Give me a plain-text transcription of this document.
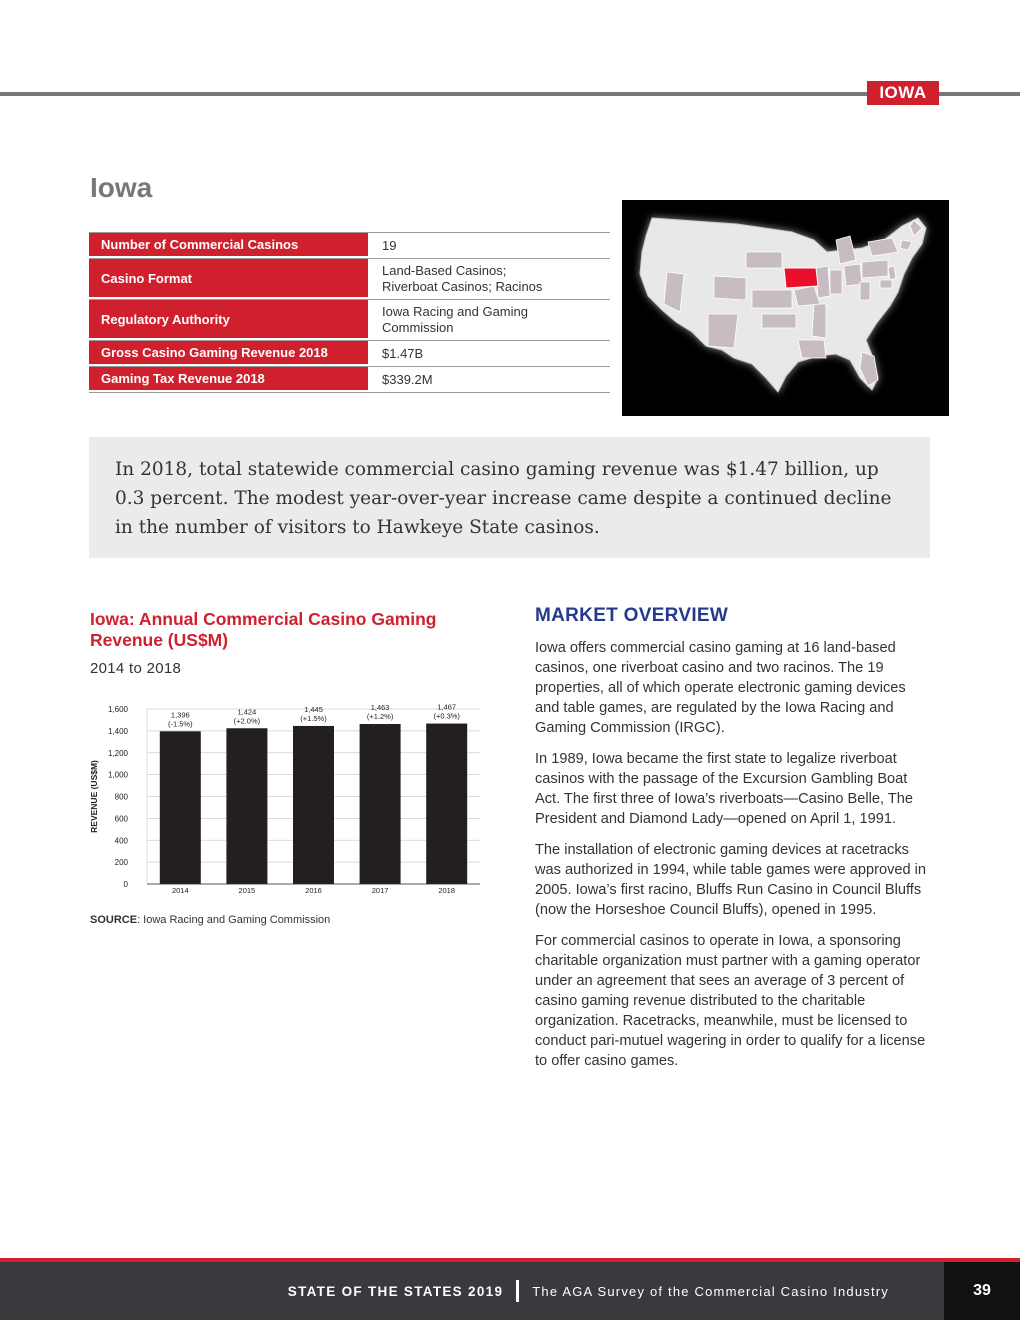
IOWA
Iowa
Number of Commercial Casinos	19
Casino Format	Land-Based Casinos;
Riverboat Casinos; Racinos
Regulatory Authority	Iowa Racing and Gaming
Commission
Gross Casino Gaming Revenue 2018	$1.47B
Gaming Tax Revenue 2018	$339.2M

In 2018, total statewide commercial casino gaming revenue was $1.47 billion, up 0.3 percent. The modest year-over-year increase came despite a continued decline in the number of visitors to Hawkeye State casinos.

Iowa: Annual Commercial Casino Gaming Revenue (US$M)
2014 to 2018
0
200
400
600
800
1,000
1,200
1,400
1,600
REVENUE (US$M)
2014
1,396
(-1.5%)
2015
1,424
(+2.0%)
2016
1,445
(+1.5%)
2017
1,463
(+1.2%)
2018
1,467
(+0.3%)
SOURCE: Iowa Racing and Gaming Commission
MARKET OVERVIEW

Iowa offers commercial casino gaming at 16 land-based casinos, one riverboat casino and two racinos. The 19 properties, all of which operate electronic gaming devices and table games, are regulated by the Iowa Racing and Gaming Commission (IRGC).

In 1989, Iowa became the first state to legalize riverboat casinos with the passage of the Excursion Gambling Boat Act. The first three of Iowa’s riverboats—Casino Belle, The President and Diamond Lady—opened on April 1, 1991.

The installation of electronic gaming devices at racetracks was authorized in 1994, while table games were approved in 2005. Iowa’s first racino, Bluffs Run Casino in Council Bluffs (now the Horseshoe Council Bluffs), opened in 1995.

For commercial casinos to operate in Iowa, a sponsoring charitable organization must partner with a gaming operator under an agreement that sees an average of 3 percent of casino gaming revenue distributed to the charitable organization. Racetracks, meanwhile, must be licensed to conduct pari-mutuel wagering in order to qualify for a license to offer casino games.

STATE OF THE STATES 2019 The AGA Survey of the Commercial Casino Industry	39
